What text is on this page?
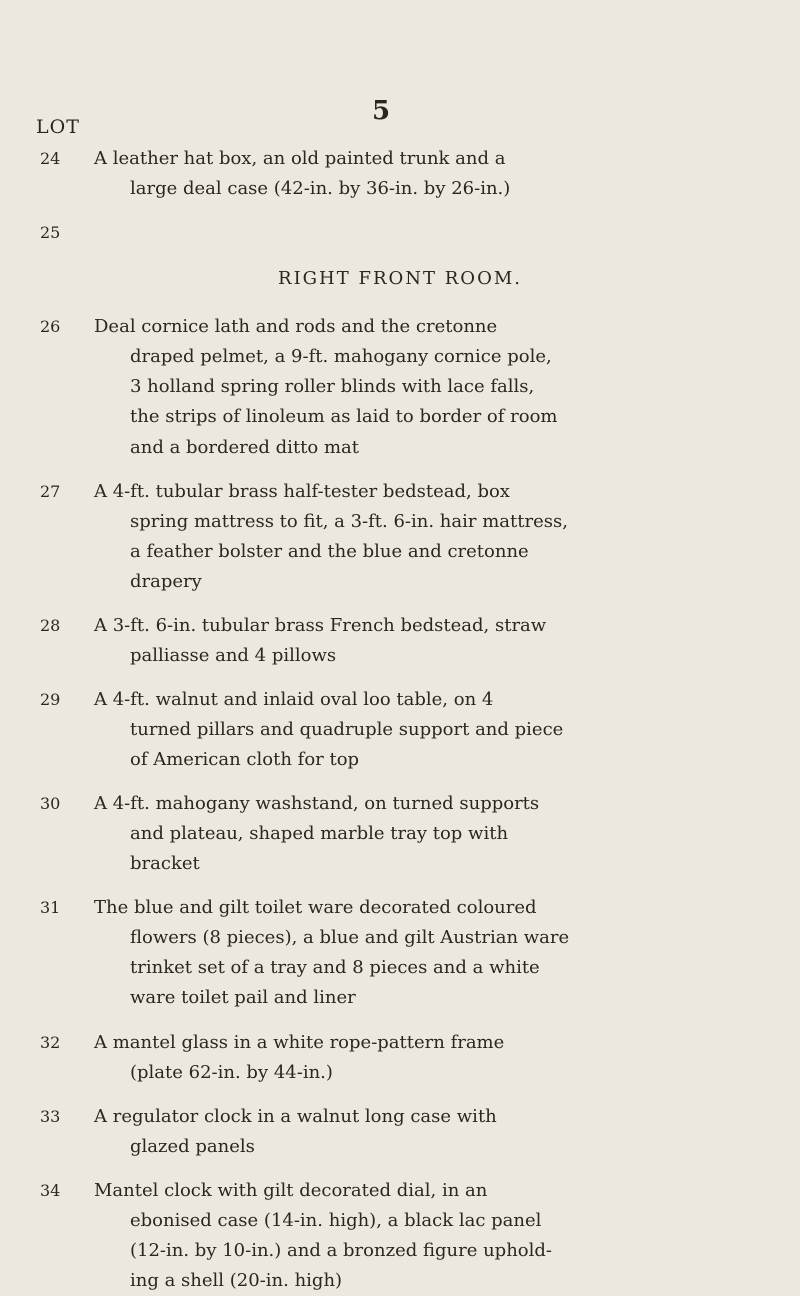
5
LOT
RIGHT FRONT ROOM.
24	A leather hat box, an old painted trunk and a
large deal case (42-in. by 36-in. by 26-in.)
25
26	Deal cornice lath and rods and the cretonne
draped pelmet, a 9-ft. mahogany cornice pole,
3 holland spring roller blinds with lace falls,
the strips of linoleum as laid to border of room
and a bordered ditto mat
27	A 4-ft. tubular brass half-tester bedstead, box
spring mattress to fit, a 3-ft. 6-in. hair mattress,
a feather bolster and the blue and cretonne
drapery
28	A 3-ft. 6-in. tubular brass French bedstead, straw
palliasse and 4 pillows
29	A 4-ft. walnut and inlaid oval loo table, on 4
turned pillars and quadruple support and piece
of American cloth for top
30	A 4-ft. mahogany washstand, on turned supports
and plateau, shaped marble tray top with
bracket
31	The blue and gilt toilet ware decorated coloured
flowers (8 pieces), a blue and gilt Austrian ware
trinket set of a tray and 8 pieces and a white
ware toilet pail and liner
32	A mantel glass in a white rope-pattern frame
(plate 62-in. by 44-in.)
33	A regulator clock in a walnut long case with
glazed panels
34	Mantel clock with gilt decorated dial, in an
ebonised case (14-in. high), a black lac panel
(12-in. by 10-in.) and a bronzed figure uphold-
ing a shell (20-in. high)
